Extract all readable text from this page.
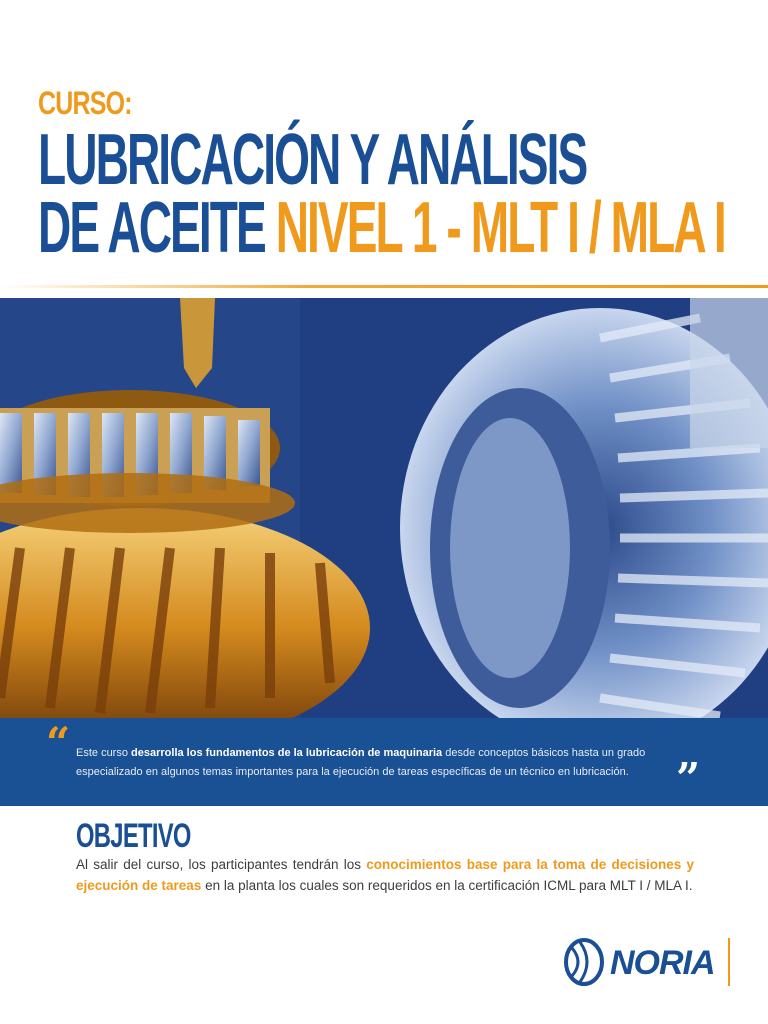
CURSO:
LUBRICACIÓN Y ANÁLISIS
DE ACEITE NIVEL 1 - MLT I / MLA I
“ Este curso desarrolla los fundamentos de la lubricación de maquinaria desde conceptos básicos hasta un grado especializado en algunos temas importantes para la ejecución de tareas específicas de un técnico en lubricación.	”
OBJETIVO
Al salir del curso, los participantes tendrán los conocimientos base para la toma de decisiones y ejecución de tareas en la planta los cuales son requeridos en la certificación ICML para MLT I / MLA I.
NORIA
